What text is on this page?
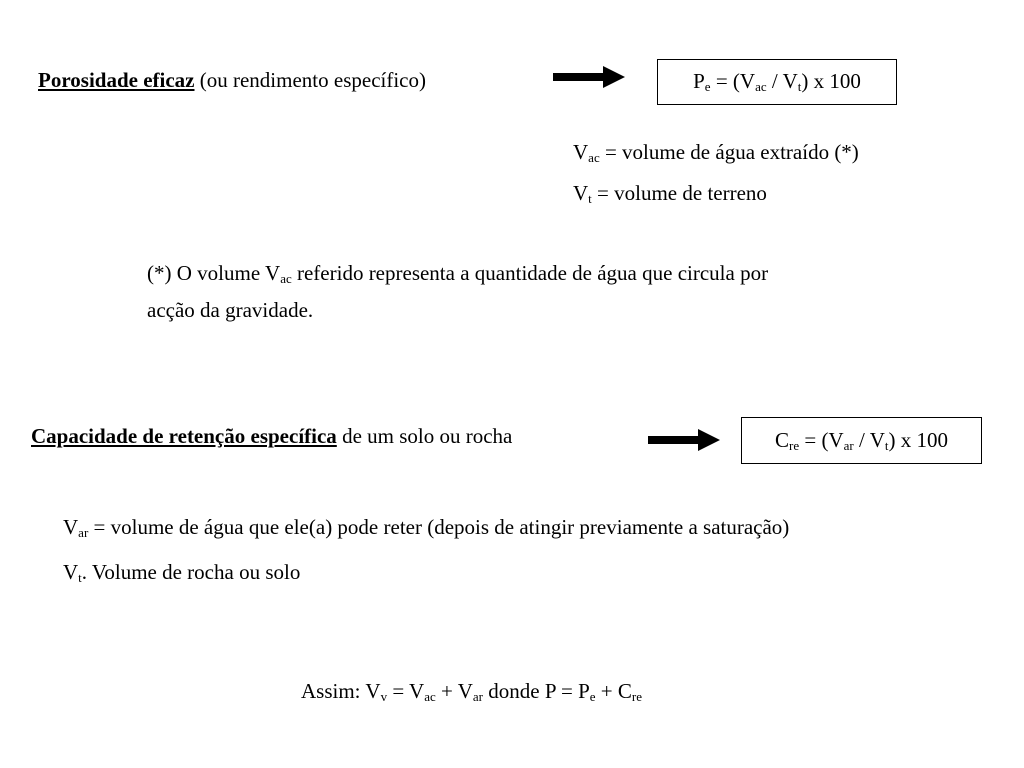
Porosidade eficaz (ou rendimento específico)	$P_e = (V_{ac} / V_t)$ x 100
$V_{ac}$ = volume de água extraído (*)
$V_t$ = volume de terreno
(*) O volume $V_{ac}$ referido representa a quantidade de água que circula por
acção da gravidade.
Capacidade de retenção específica de um solo ou rocha	$C_{re} = (V_{ar} / V_t)$ x 100
$V_{ar}$ = volume de água que ele(a) pode reter (depois de atingir previamente a saturação)
$V_t$. Volume de rocha ou solo
Assim: $V_v = V_{ac} + V_{ar}$ donde $P = P_e + C_{re}$
